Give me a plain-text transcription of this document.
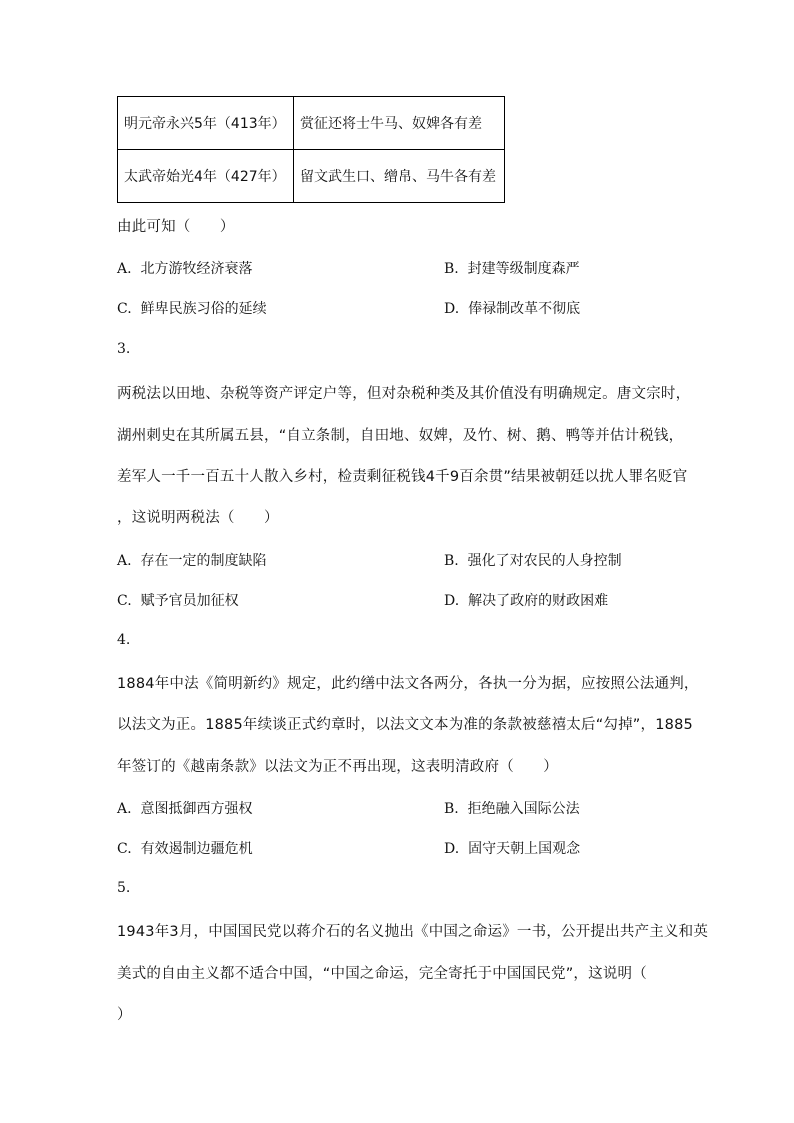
明元帝永兴5年（413年）	赏征还将士牛马、奴婢各有差
太武帝始光4年（427年）	留文武生口、缯帛、马牛各有差
由此可知（　　）
A. 北方游牧经济衰落	B. 封建等级制度森严
C. 鲜卑民族习俗的延续	D. 俸禄制改革不彻底
3.
两税法以田地、杂税等资产评定户等，但对杂税种类及其价值没有明确规定。唐文宗时，
湖州刺史在其所属五县，“自立条制，自田地、奴婢，及竹、树、鹅、鸭等并估计税钱，
差军人一千一百五十人散入乡村，检责剩征税钱4千9百余贯”结果被朝廷以扰人罪名贬官
，这说明两税法（　　）
A. 存在一定的制度缺陷	B. 强化了对农民的人身控制
C. 赋予官员加征权	D. 解决了政府的财政困难
4.
1884年中法《简明新约》规定，此约缮中法文各两分，各执一分为据，应按照公法通判，
以法文为正。1885年续谈正式约章时，以法文文本为准的条款被慈禧太后“勾掉”，1885
年签订的《越南条款》以法文为正不再出现，这表明清政府（　　）
A. 意图抵御西方强权	B. 拒绝融入国际公法
C. 有效遏制边疆危机	D. 固守天朝上国观念
5.
1943年3月，中国国民党以蒋介石的名义抛出《中国之命运》一书，公开提出共产主义和英
美式的自由主义都不适合中国，“中国之命运，完全寄托于中国国民党”，这说明（
）
